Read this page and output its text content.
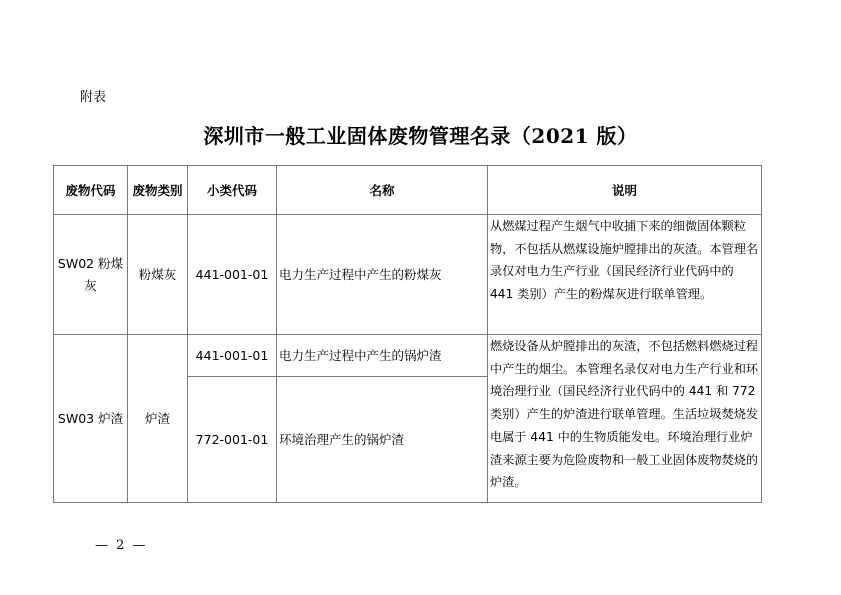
附表
深圳市一般工业固体废物管理名录（2021 版）
废物代码	废物类别	小类代码	名称	说明
SW02 粉煤灰	粉煤灰	441-001-01	电力生产过程中产生的粉煤灰	从燃煤过程产生烟气中收捕下来的细微固体颗粒物，不包括从燃煤设施炉膛排出的灰渣。本管理名录仅对电力生产行业（国民经济行业代码中的 441 类别）产生的粉煤灰进行联单管理。
SW03 炉渣	炉渣	441-001-01	电力生产过程中产生的锅炉渣	燃烧设备从炉膛排出的灰渣，不包括燃料燃烧过程中产生的烟尘。本管理名录仅对电力生产行业和环境治理行业（国民经济行业代码中的 441 和 772 类别）产生的炉渣进行联单管理。生活垃圾焚烧发电属于 441 中的生物质能发电。环境治理行业炉渣来源主要为危险废物和一般工业固体废物焚烧的炉渣。
		772-001-01	环境治理产生的锅炉渣	
— 2 —
